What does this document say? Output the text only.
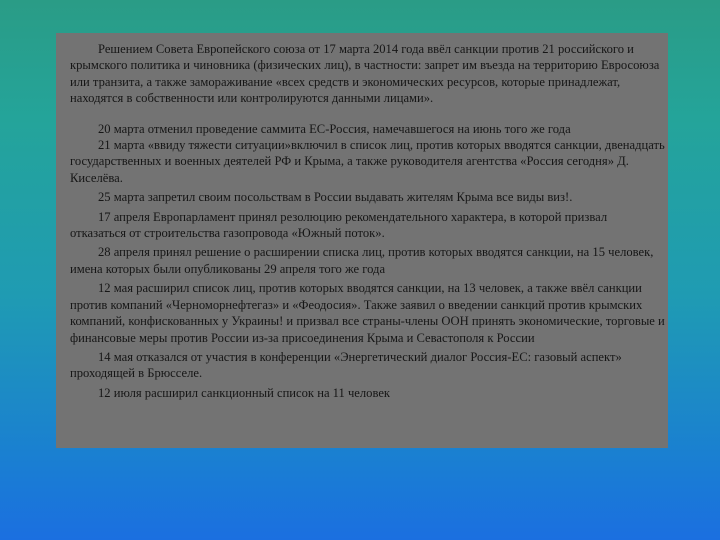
Решением Совета Европейского союза от 17 марта 2014 года ввёл санкции против 21 российского и крымского политика и чиновника (физических лиц), в частности: запрет им въезда на территорию Евросоюза или транзита, а также замораживание «всех средств и экономических ресурсов, которые принадлежат, находятся в собственности или контролируются данными лицами».

20 марта отменил проведение саммита ЕС-Россия, намечавшегося на июнь того же года

21 марта «ввиду тяжести ситуации»включил в список лиц, против которых вводятся санкции, двенадцать государственных и военных деятелей РФ и Крыма, а также руководителя агентства «Россия сегодня» Д. Киселёва.

25 марта запретил своим посольствам в России выдавать жителям Крыма все виды виз!.

17 апреля Европарламент принял резолюцию рекомендательного характера, в которой призвал отказаться от строительства газопровода «Южный поток».

28 апреля принял решение о расширении списка лиц, против которых вводятся санкции, на 15 человек, имена которых были опубликованы 29 апреля того же года

12 мая расширил список лиц, против которых вводятся санкции, на 13 человек, а также ввёл санкции против компаний «Черноморнефтегаз» и «Феодосия». Также заявил о введении санкций против крымских компаний, конфискованных у Украины! и призвал все страны-члены ООН принять экономические, торговые и финансовые меры против России из-за присоединения Крыма и Севастополя к России

14 мая отказался от участия в конференции «Энергетический диалог Россия-ЕС: газовый аспект» проходящей в Брюсселе.

12 июля расширил санкционный список на 11 человек
